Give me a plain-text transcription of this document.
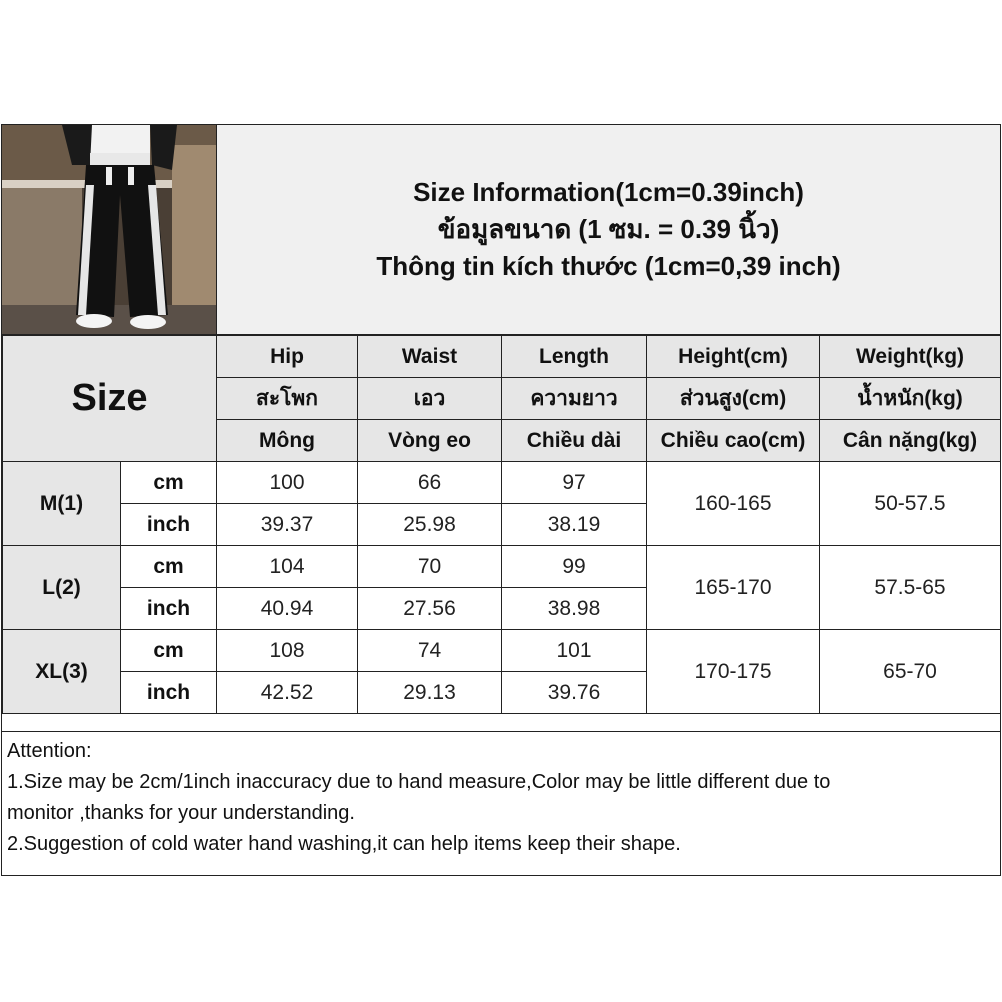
Size Information(1cm=0.39inch)
ข้อมูลขนาด (1 ซม. = 0.39 นิ้ว)
Thông tin kích thước (1cm=0,39 inch)
Size		Hip	Waist	Length	Height(cm)	Weight(kg)
		สะโพก	เอว	ความยาว	ส่วนสูง(cm)	น้ำหนัก(kg)
		Mông	Vòng eo	Chiều dài	Chiều cao(cm)	Cân nặng(kg)
M(1)	cm	100	66	97	160-165	50-57.5
	inch	39.37	25.98	38.19		
L(2)	cm	104	70	99	165-170	57.5-65
	inch	40.94	27.56	38.98		
XL(3)	cm	108	74	101	170-175	65-70
	inch	42.52	29.13	39.76		
Attention:
1.Size may be 2cm/1inch inaccuracy due to hand measure,Color may be little different due to
monitor ,thanks for your understanding.
2.Suggestion of cold water hand washing,it can help items keep their shape.
